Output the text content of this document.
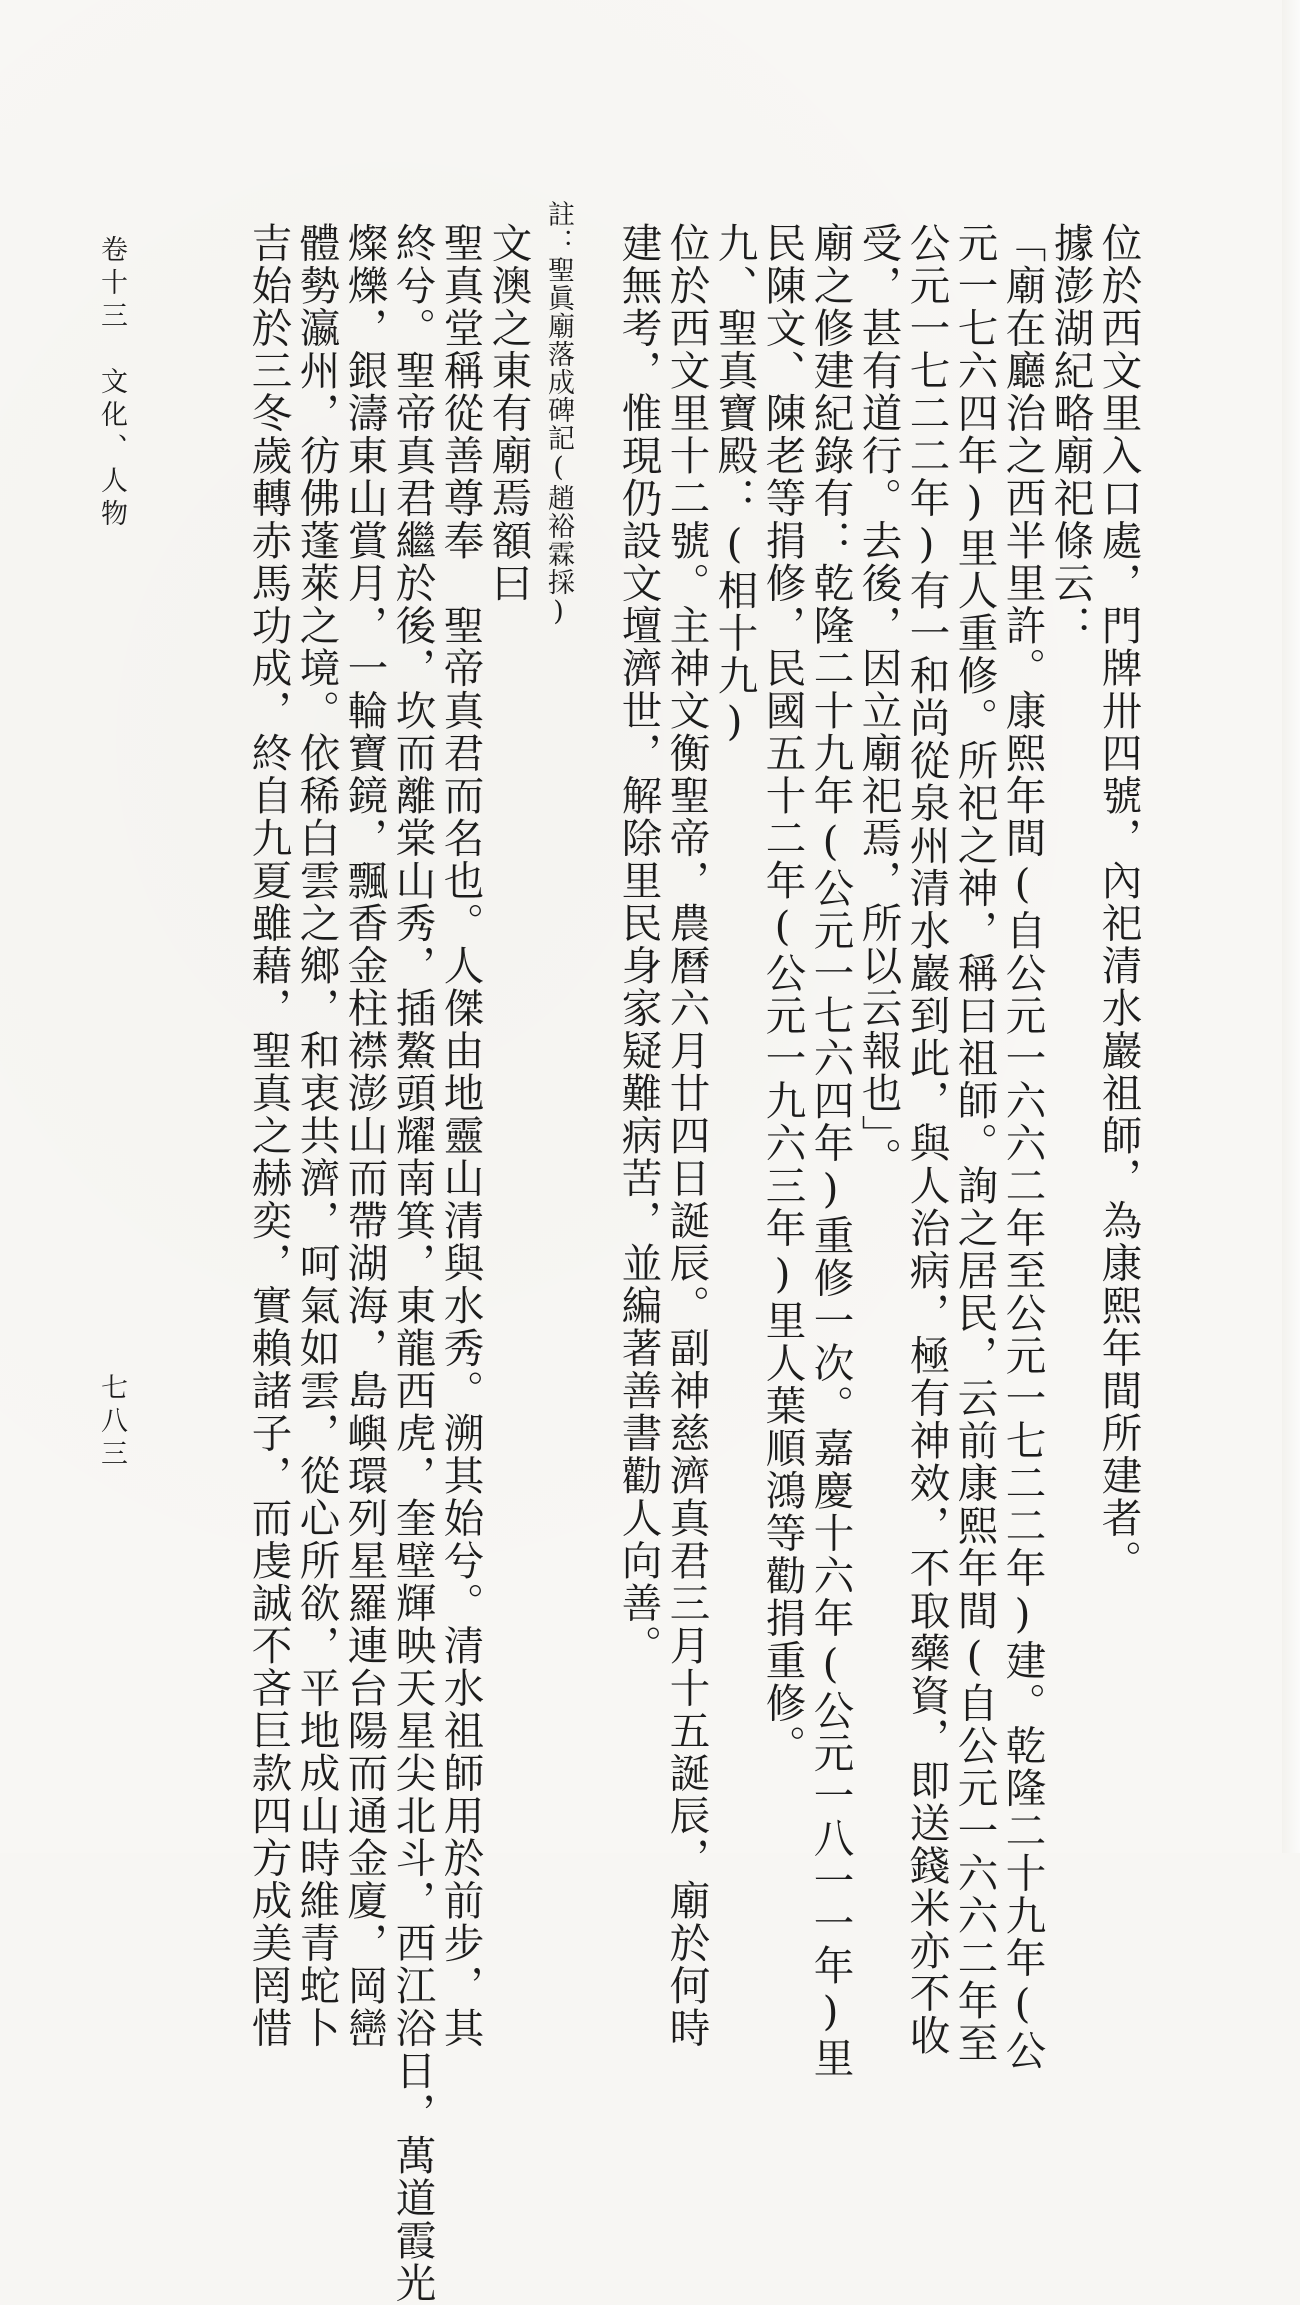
位於西文里入口處，門牌卅四號，內祀清水巖祖師，為康熙年間所建者。
據澎湖紀略廟祀條云：
「廟在廳治之西半里許。康熙年間(自公元一六六二年至公元一七二二年)建。乾隆二十九年(公
元一七六四年)里人重修。所祀之神，稱曰祖師。詢之居民，云前康熙年間(自公元一六六二年至
公元一七二二年)有一和尚從泉州清水巖到此，與人治病，極有神效，不取藥資，即送錢米亦不收
受，甚有道行。去後，因立廟祀焉，所以云報也」。
廟之修建紀錄有：乾隆二十九年(公元一七六四年)重修一次。嘉慶十六年(公元一八一一年)里
民陳文、陳老等捐修，民國五十二年(公元一九六三年)里人葉順鴻等勸捐重修。
九、聖真寶殿：(相十九)
位於西文里十二號。主神文衡聖帝，農曆六月廿四日誕辰。副神慈濟真君三月十五誕辰，廟於何時
建無考，惟現仍設文壇濟世，解除里民身家疑難病苦，並編著善書勸人向善。
註：聖眞廟落成碑記(趙裕霖採)
文澳之東有廟焉額曰
聖真堂稱從善尊奉　聖帝真君而名也。人傑由地靈山清與水秀。溯其始兮。清水祖師用於前步，其
終兮。聖帝真君繼於後，坎而離棠山秀，插鰲頭耀南箕，東龍西虎，奎壁輝映天星尖北斗，西江浴日，萬道霞光
燦爍，銀濤東山賞月，一輪寶鏡，飄香金柱襟澎山而帶湖海，島嶼環列星羅連台陽而通金廈，岡巒
體勢瀛州，彷佛蓬萊之境。依稀白雲之鄉，和衷共濟，呵氣如雲，從心所欲，平地成山時維青蛇卜
吉始於三冬歲轉赤馬功成，終自九夏雖藉，聖真之赫奕，實賴諸子，而虔誠不吝巨款四方成美罔惜
卷十三　文化、人物
七八三
